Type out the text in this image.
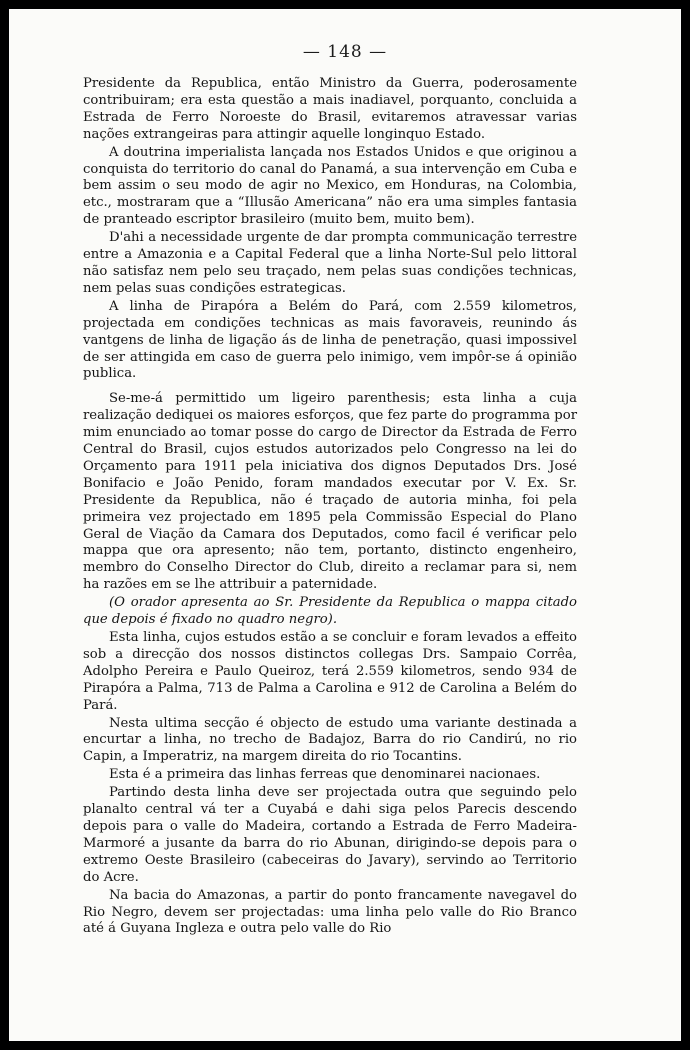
— 148 —

Presidente da Republica, então Ministro da Guerra, poderosamente contribuiram; era esta questão a mais inadiavel, porquanto, concluida a Estrada de Ferro Noroeste do Brasil, evitaremos atravessar varias nações extrangeiras para attingir aquelle longinquo Estado.

A doutrina imperialista lançada nos Estados Unidos e que originou a conquista do territorio do canal do Panamá, a sua intervenção em Cuba e bem assim o seu modo de agir no Mexico, em Honduras, na Colombia, etc., mostraram que a “Illusão Americana” não era uma simples fantasia de pranteado escriptor brasileiro (muito bem, muito bem).

D'ahi a necessidade urgente de dar prompta communicação terrestre entre a Amazonia e a Capital Federal que a linha Norte-Sul pelo littoral não satisfaz nem pelo seu traçado, nem pelas suas condições technicas, nem pelas suas condições estrategicas.

A linha de Pirapóra a Belém do Pará, com 2.559 kilometros, projectada em condições technicas as mais favoraveis, reunindo ás vantgens de linha de ligação ás de linha de penetração, quasi impossivel de ser attingida em caso de guerra pelo inimigo, vem impôr-se á opinião publica.

Se-me-á permittido um ligeiro parenthesis; esta linha a cuja realização dediquei os maiores esforços, que fez parte do programma por mim enunciado ao tomar posse do cargo de Director da Estrada de Ferro Central do Brasil, cujos estudos autorizados pelo Congresso na lei do Orçamento para 1911 pela iniciativa dos dignos Deputados Drs. José Bonifacio e João Penido, foram mandados executar por V. Ex. Sr. Presidente da Republica, não é traçado de autoria minha, foi pela primeira vez projectado em 1895 pela Commissão Especial do Plano Geral de Viação da Camara dos Deputados, como facil é verificar pelo mappa que ora apresento; não tem, portanto, distincto engenheiro, membro do Conselho Director do Club, direito a reclamar para si, nem ha razões em se lhe attribuir a paternidade.

(O orador apresenta ao Sr. Presidente da Republica o mappa citado que depois é fixado no quadro negro).

Esta linha, cujos estudos estão a se concluir e foram levados a effeito sob a direcção dos nossos distinctos collegas Drs. Sampaio Corrêa, Adolpho Pereira e Paulo Queiroz, terá 2.559 kilometros, sendo 934 de Pirapóra a Palma, 713 de Palma a Carolina e 912 de Carolina a Belém do Pará.

Nesta ultima secção é objecto de estudo uma variante destinada a encurtar a linha, no trecho de Badajoz, Barra do rio Candirú, no rio Capin, a Imperatriz, na margem direita do rio Tocantins.

Esta é a primeira das linhas ferreas que denominarei nacionaes.

Partindo desta linha deve ser projectada outra que seguindo pelo planalto central vá ter a Cuyabá e dahi siga pelos Parecis descendo depois para o valle do Madeira, cortando a Estrada de Ferro Madeira-Marmoré a jusante da barra do rio Abunan, dirigindo-se depois para o extremo Oeste Brasileiro (cabeceiras do Javary), servindo ao Territorio do Acre.

Na bacia do Amazonas, a partir do ponto francamente navegavel do Rio Negro, devem ser projectadas: uma linha pelo valle do Rio Branco até á Guyana Ingleza e outra pelo valle do Rio
